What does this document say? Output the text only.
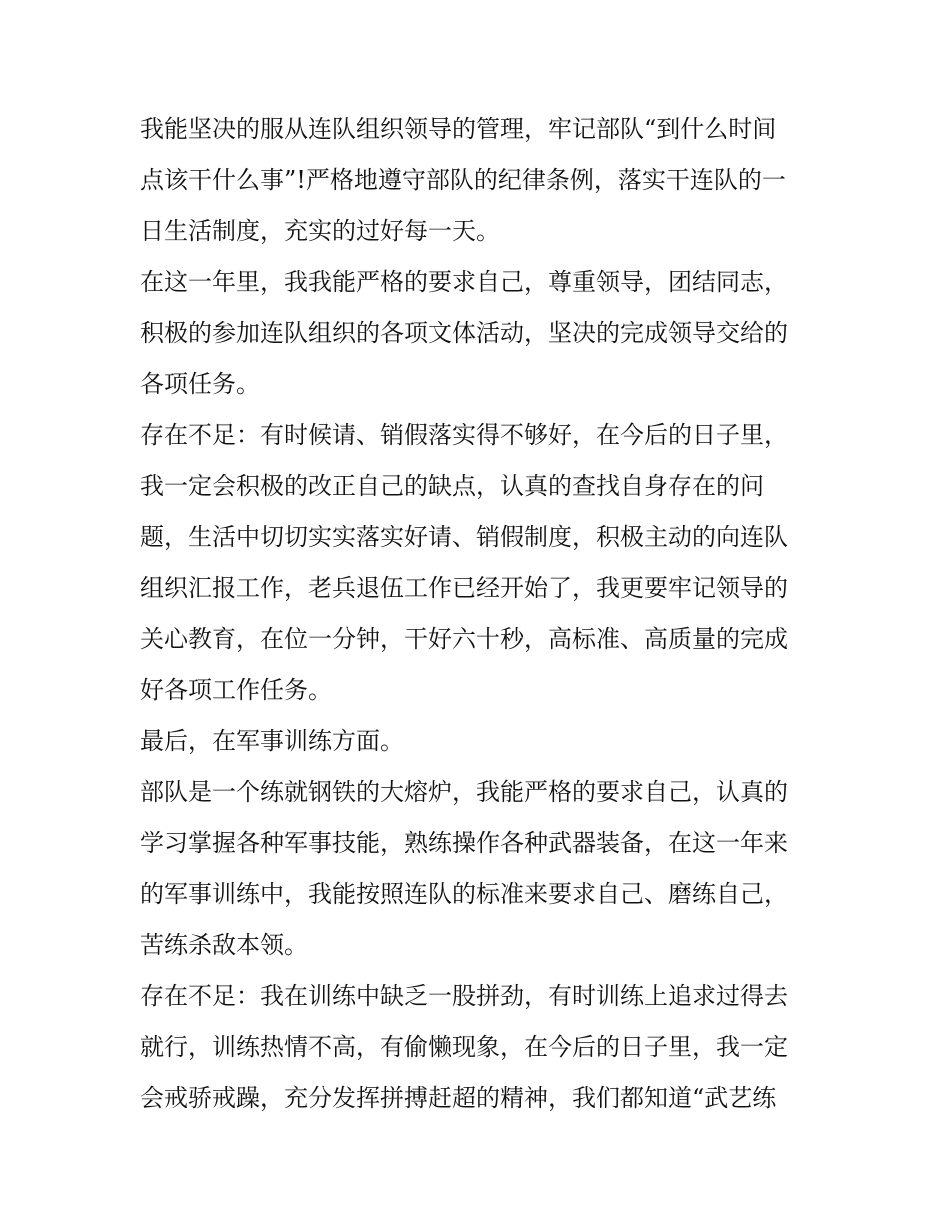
我能坚决的服从连队组织领导的管理，牢记部队“到什么时间
点该干什么事”!严格地遵守部队的纪律条例，落实干连队的一
日生活制度，充实的过好每一天。
在这一年里，我我能严格的要求自己，尊重领导，团结同志，
积极的参加连队组织的各项文体活动，坚决的完成领导交给的
各项任务。
存在不足：有时候请、销假落实得不够好，在今后的日子里，
我一定会积极的改正自己的缺点，认真的查找自身存在的问
题，生活中切切实实落实好请、销假制度，积极主动的向连队
组织汇报工作，老兵退伍工作已经开始了，我更要牢记领导的
关心教育，在位一分钟，干好六十秒，高标准、高质量的完成
好各项工作任务。
最后，在军事训练方面。
部队是一个练就钢铁的大熔炉，我能严格的要求自己，认真的
学习掌握各种军事技能，熟练操作各种武器装备，在这一年来
的军事训练中，我能按照连队的标准来要求自己、磨练自己，
苦练杀敌本领。
存在不足：我在训练中缺乏一股拼劲，有时训练上追求过得去
就行，训练热情不高，有偷懒现象，在今后的日子里，我一定
会戒骄戒躁，充分发挥拼搏赶超的精神，我们都知道“武艺练
